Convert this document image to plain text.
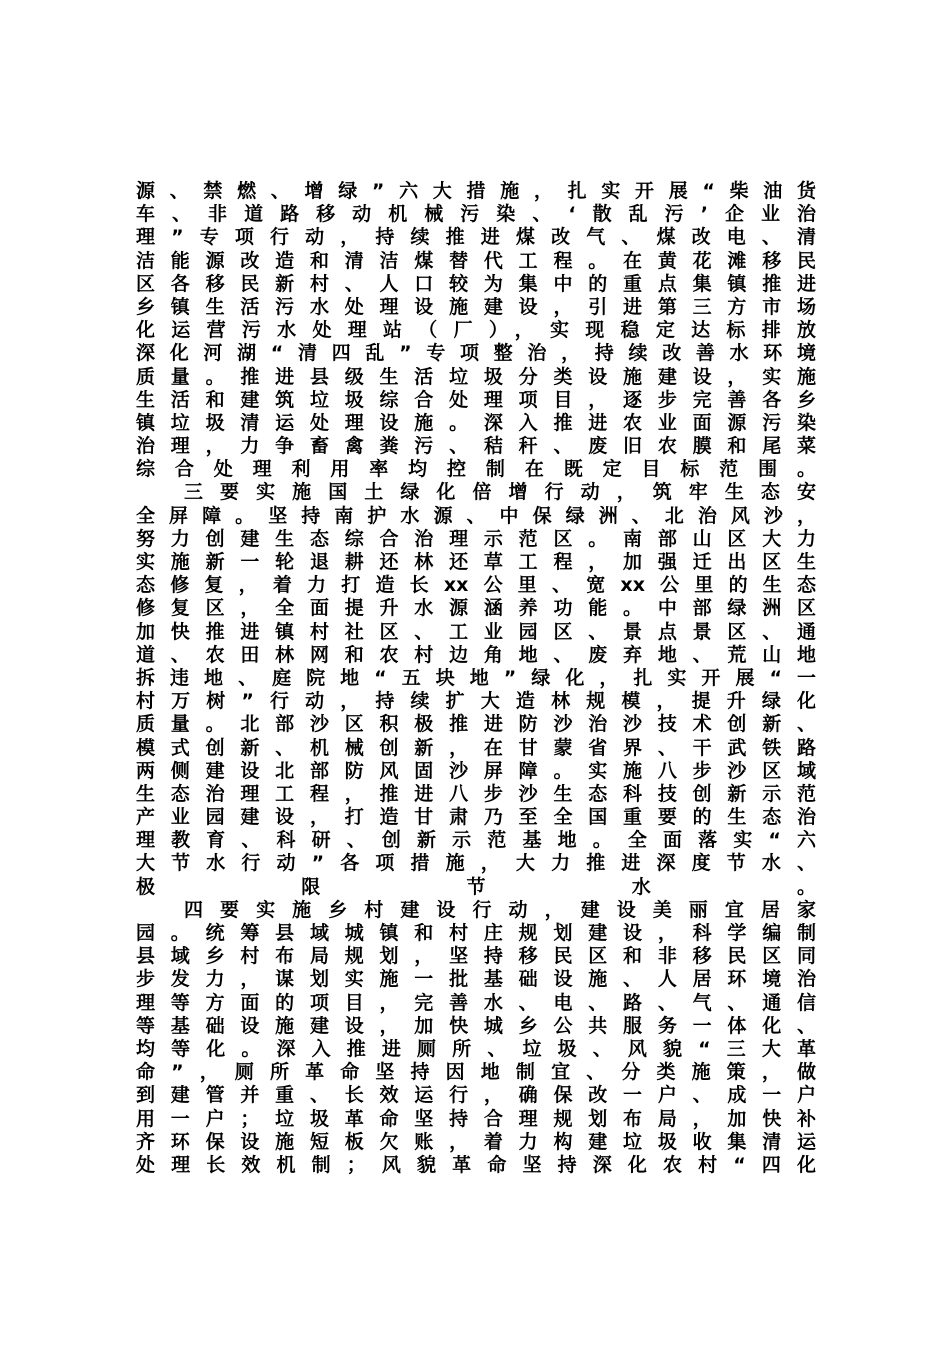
源、禁燃、增绿”六大措施，扎实开展“柴油货
车、非道路移动机械污染、‘散乱污’企业治
理”专项行动，持续推进煤改气、煤改电、清
洁能源改造和清洁煤替代工程。在黄花滩移民
区各移民新村、人口较为集中的重点集镇推进
乡镇生活污水处理设施建设，引进第三方市场
化运营污水处理站（厂），实现稳定达标排放
深化河湖“清四乱”专项整治，持续改善水环境
质量。推进县级生活垃圾分类设施建设，实施
生活和建筑垃圾综合处理项目，逐步完善各乡
镇垃圾清运处理设施。深入推进农业面源污染
治理，力争畜禽粪污、秸秆、废旧农膜和尾菜
综合处理利用率均控制在既定目标范围。
三要实施国土绿化倍增行动，筑牢生态安
全屏障。坚持南护水源、中保绿洲、北治风沙，
努力创建生态综合治理示范区。南部山区大力
实施新一轮退耕还林还草工程，加强迁出区生
态修复，着力打造长xx公里、宽xx公里的生态
修复区，全面提升水源涵养功能。中部绿洲区
加快推进镇村社区、工业园区、景点景区、通
道、农田林网和农村边角地、废弃地、荒山地
拆违地、庭院地“五块地”绿化，扎实开展“一
村万树”行动，持续扩大造林规模，提升绿化
质量。北部沙区积极推进防沙治沙技术创新、
模式创新、机械创新，在甘蒙省界、干武铁路
两侧建设北部防风固沙屏障。实施八步沙区域
生态治理工程，推进八步沙生态科技创新示范
产业园建设，打造甘肃乃至全国重要的生态治
理教育、科研、创新示范基地。全面落实“六
大节水行动”各项措施，大力推进深度节水、
极限节水。
四要实施乡村建设行动，建设美丽宜居家
园。统筹县域城镇和村庄规划建设，科学编制
县域乡村布局规划，坚持移民区和非移民区同
步发力，谋划实施一批基础设施、人居环境治
理等方面的项目，完善水、电、路、气、通信
等基础设施建设，加快城乡公共服务一体化、
均等化。深入推进厕所、垃圾、风貌“三大革
命”，厕所革命坚持因地制宜、分类施策，做
到建管并重、长效运行，确保改一户、成一户
用一户；垃圾革命坚持合理规划布局，加快补
齐环保设施短板欠账，着力构建垃圾收集清运
处理长效机制；风貌革命坚持深化农村“四化
